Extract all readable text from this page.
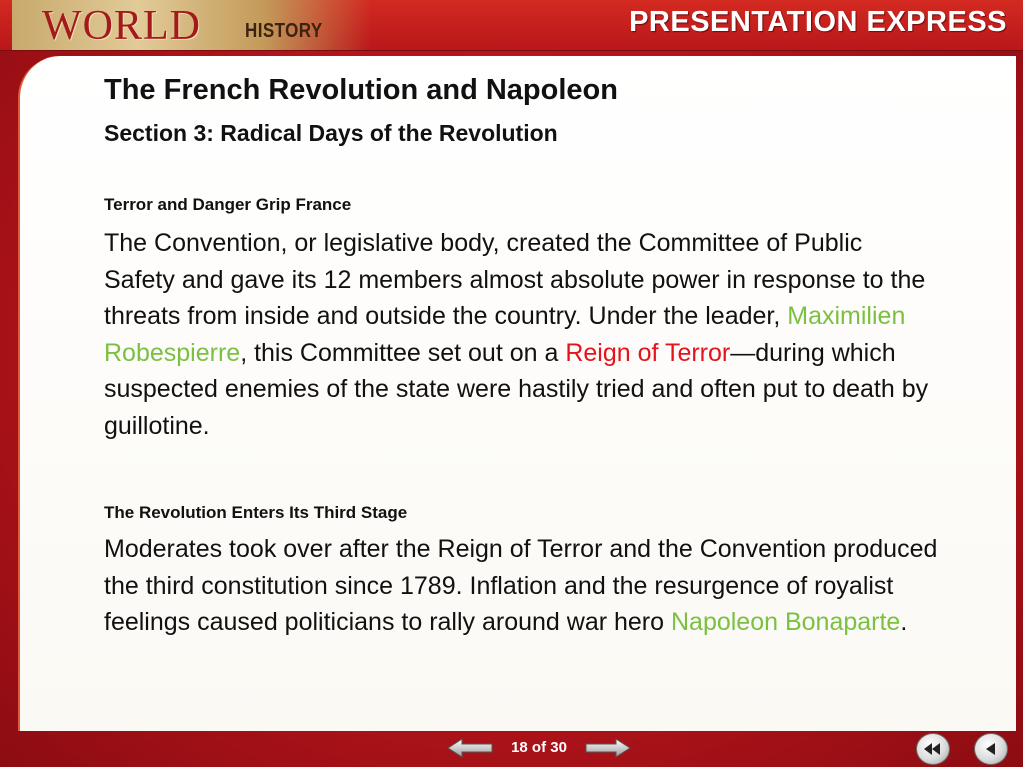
WORLD HISTORY	PRESENTATION EXPRESS
The French Revolution and Napoleon
Section 3: Radical Days of the Revolution
Terror and Danger Grip France
The Convention, or legislative body, created the Committee of Public Safety and gave its 12 members almost absolute power in response to the threats from inside and outside the country. Under the leader, Maximilien Robespierre, this Committee set out on a Reign of Terror—during which suspected enemies of the state were hastily tried and often put to death by guillotine.
The Revolution Enters Its Third Stage
Moderates took over after the Reign of Terror and the Convention produced the third constitution since 1789. Inflation and the resurgence of royalist feelings caused politicians to rally around war hero Napoleon Bonaparte.
18 of 30
